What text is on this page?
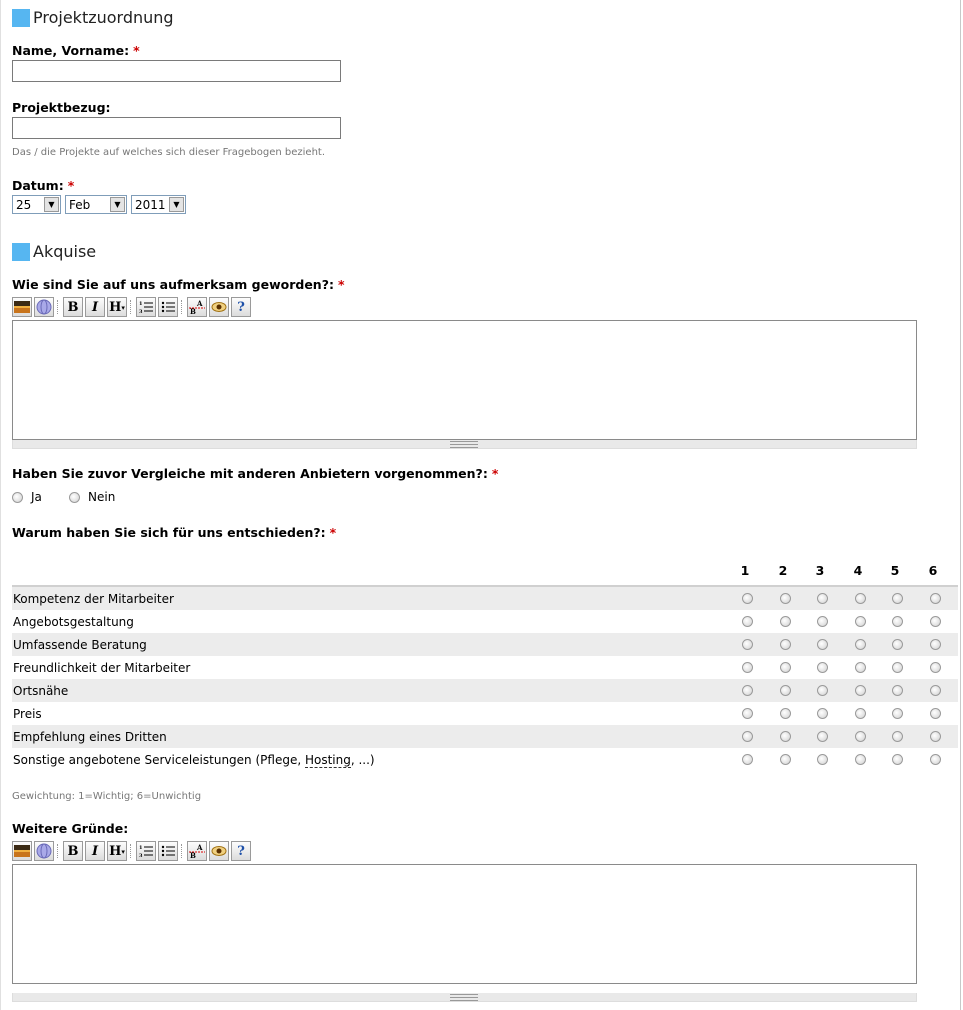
Projektzuordnung
Name, Vorname: *
Projektbezug:
Das / die Projekte auf welches sich dieser Fragebogen bezieht.
Datum: *
25	▼	Feb	▼	2011 ▼
Akquise
Wie sind Sie auf uns aufmerksam geworden?: *
B	I H ▾	1
3
A
B	?
Haben Sie zuvor Vergleiche mit anderen Anbietern vorgenommen?: *
Ja	Nein
Warum haben Sie sich für uns entschieden?: *
1	2	3	4	5	6
Kompetenz der Mitarbeiter
Angebotsgestaltung
Umfassende Beratung
Freundlichkeit der Mitarbeiter
Ortsnähe
Preis
Empfehlung eines Dritten
Sonstige angebotene Serviceleistungen (Pflege, Hosting, ...)
Gewichtung: 1=Wichtig; 6=Unwichtig
Weitere Gründe:
B	I H ▾	1
3
A
B	?
